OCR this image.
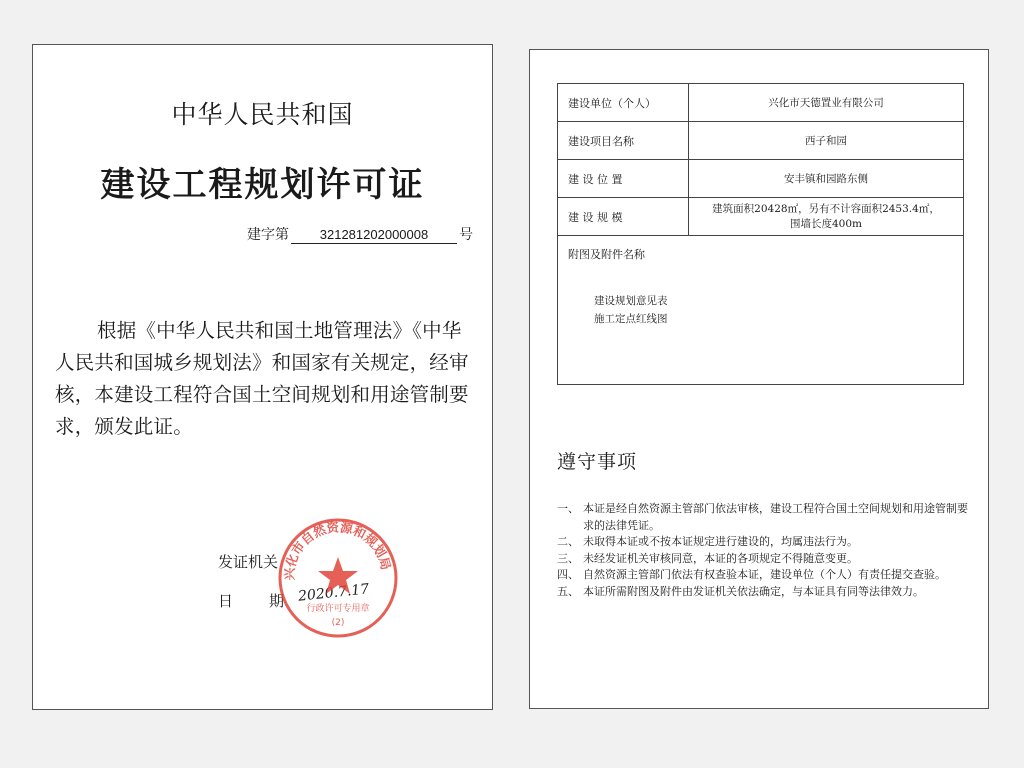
中华人民共和国
建设工程规划许可证
建字第	321281202000008	号
根据《中华人民共和国土地管理法》《中华人民共和国城乡规划法》和国家有关规定，经审核，本建设工程符合国土空间规划和用途管制要求，颁发此证。
发证机关
日 期 2020.7.17
兴化市自然资源和规划局
行政许可专用章
(2)
建设单位（个人）	兴化市天德置业有限公司
建设项目名称	西子和园
建 设 位 置	安丰镇和园路东侧
建 设 规 模	建筑面积20428㎡，另有不计容面积2453.4㎡，
围墙长度400m

附图及附件名称
建设规划意见表
施工定点红线图	
遵守事项
一、 本证是经自然资源主管部门依法审核，建设工程符合国土空间规划和用途管制要求的法律凭证。
二、 未取得本证或不按本证规定进行建设的，均属违法行为。
三、 未经发证机关审核同意，本证的各项规定不得随意变更。
四、 自然资源主管部门依法有权查验本证，建设单位（个人）有责任提交查验。
五、 本证所需附图及附件由发证机关依法确定，与本证具有同等法律效力。
